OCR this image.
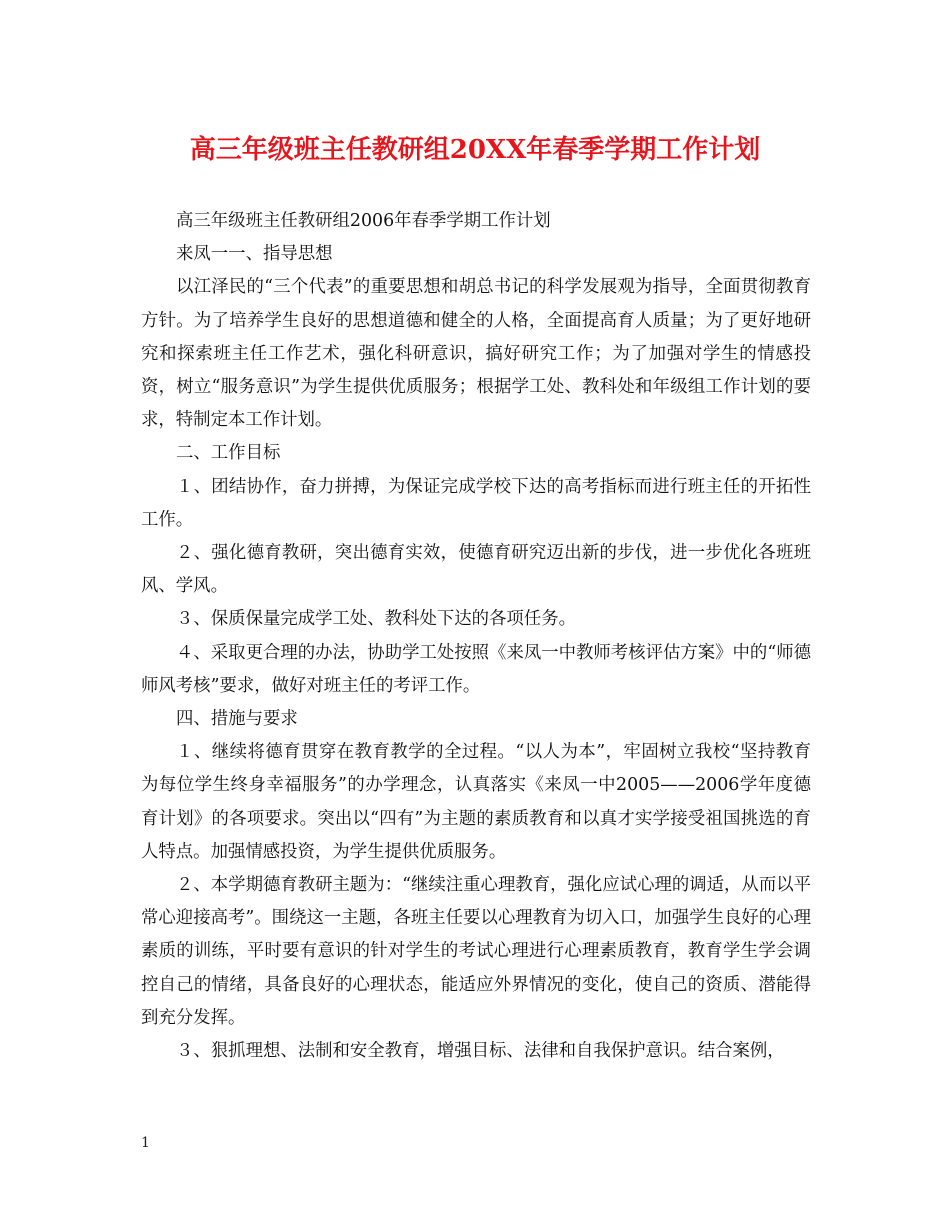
高三年级班主任教研组20XX年春季学期工作计划

高三年级班主任教研组2006年春季学期工作计划

来凤一一、指导思想

以江泽民的“三个代表”的重要思想和胡总书记的科学发展观为指导，全面贯彻教育方针。为了培养学生良好的思想道德和健全的人格，全面提高育人质量；为了更好地研究和探索班主任工作艺术，强化科研意识，搞好研究工作；为了加强对学生的情感投资，树立“服务意识”为学生提供优质服务；根据学工处、教科处和年级组工作计划的要求，特制定本工作计划。

二、工作目标

１、团结协作，奋力拼搏，为保证完成学校下达的高考指标而进行班主任的开拓性工作。

２、强化德育教研，突出德育实效，使德育研究迈出新的步伐，进一步优化各班班风、学风。

３、保质保量完成学工处、教科处下达的各项任务。

４、采取更合理的办法，协助学工处按照《来凤一中教师考核评估方案》中的“师德师风考核”要求，做好对班主任的考评工作。

四、措施与要求

１、继续将德育贯穿在教育教学的全过程。“以人为本”，牢固树立我校“坚持教育为每位学生终身幸福服务”的办学理念，认真落实《来凤一中2005——2006学年度德育计划》的各项要求。突出以“四有”为主题的素质教育和以真才实学接受祖国挑选的育人特点。加强情感投资，为学生提供优质服务。

２、本学期德育教研主题为：“继续注重心理教育，强化应试心理的调适，从而以平常心迎接高考”。围绕这一主题，各班主任要以心理教育为切入口，加强学生良好的心理素质的训练，平时要有意识的针对学生的考试心理进行心理素质教育，教育学生学会调控自己的情绪，具备良好的心理状态，能适应外界情况的变化，使自己的资质、潜能得到充分发挥。

３、狠抓理想、法制和安全教育，增强目标、法律和自我保护意识。结合案例，

1
